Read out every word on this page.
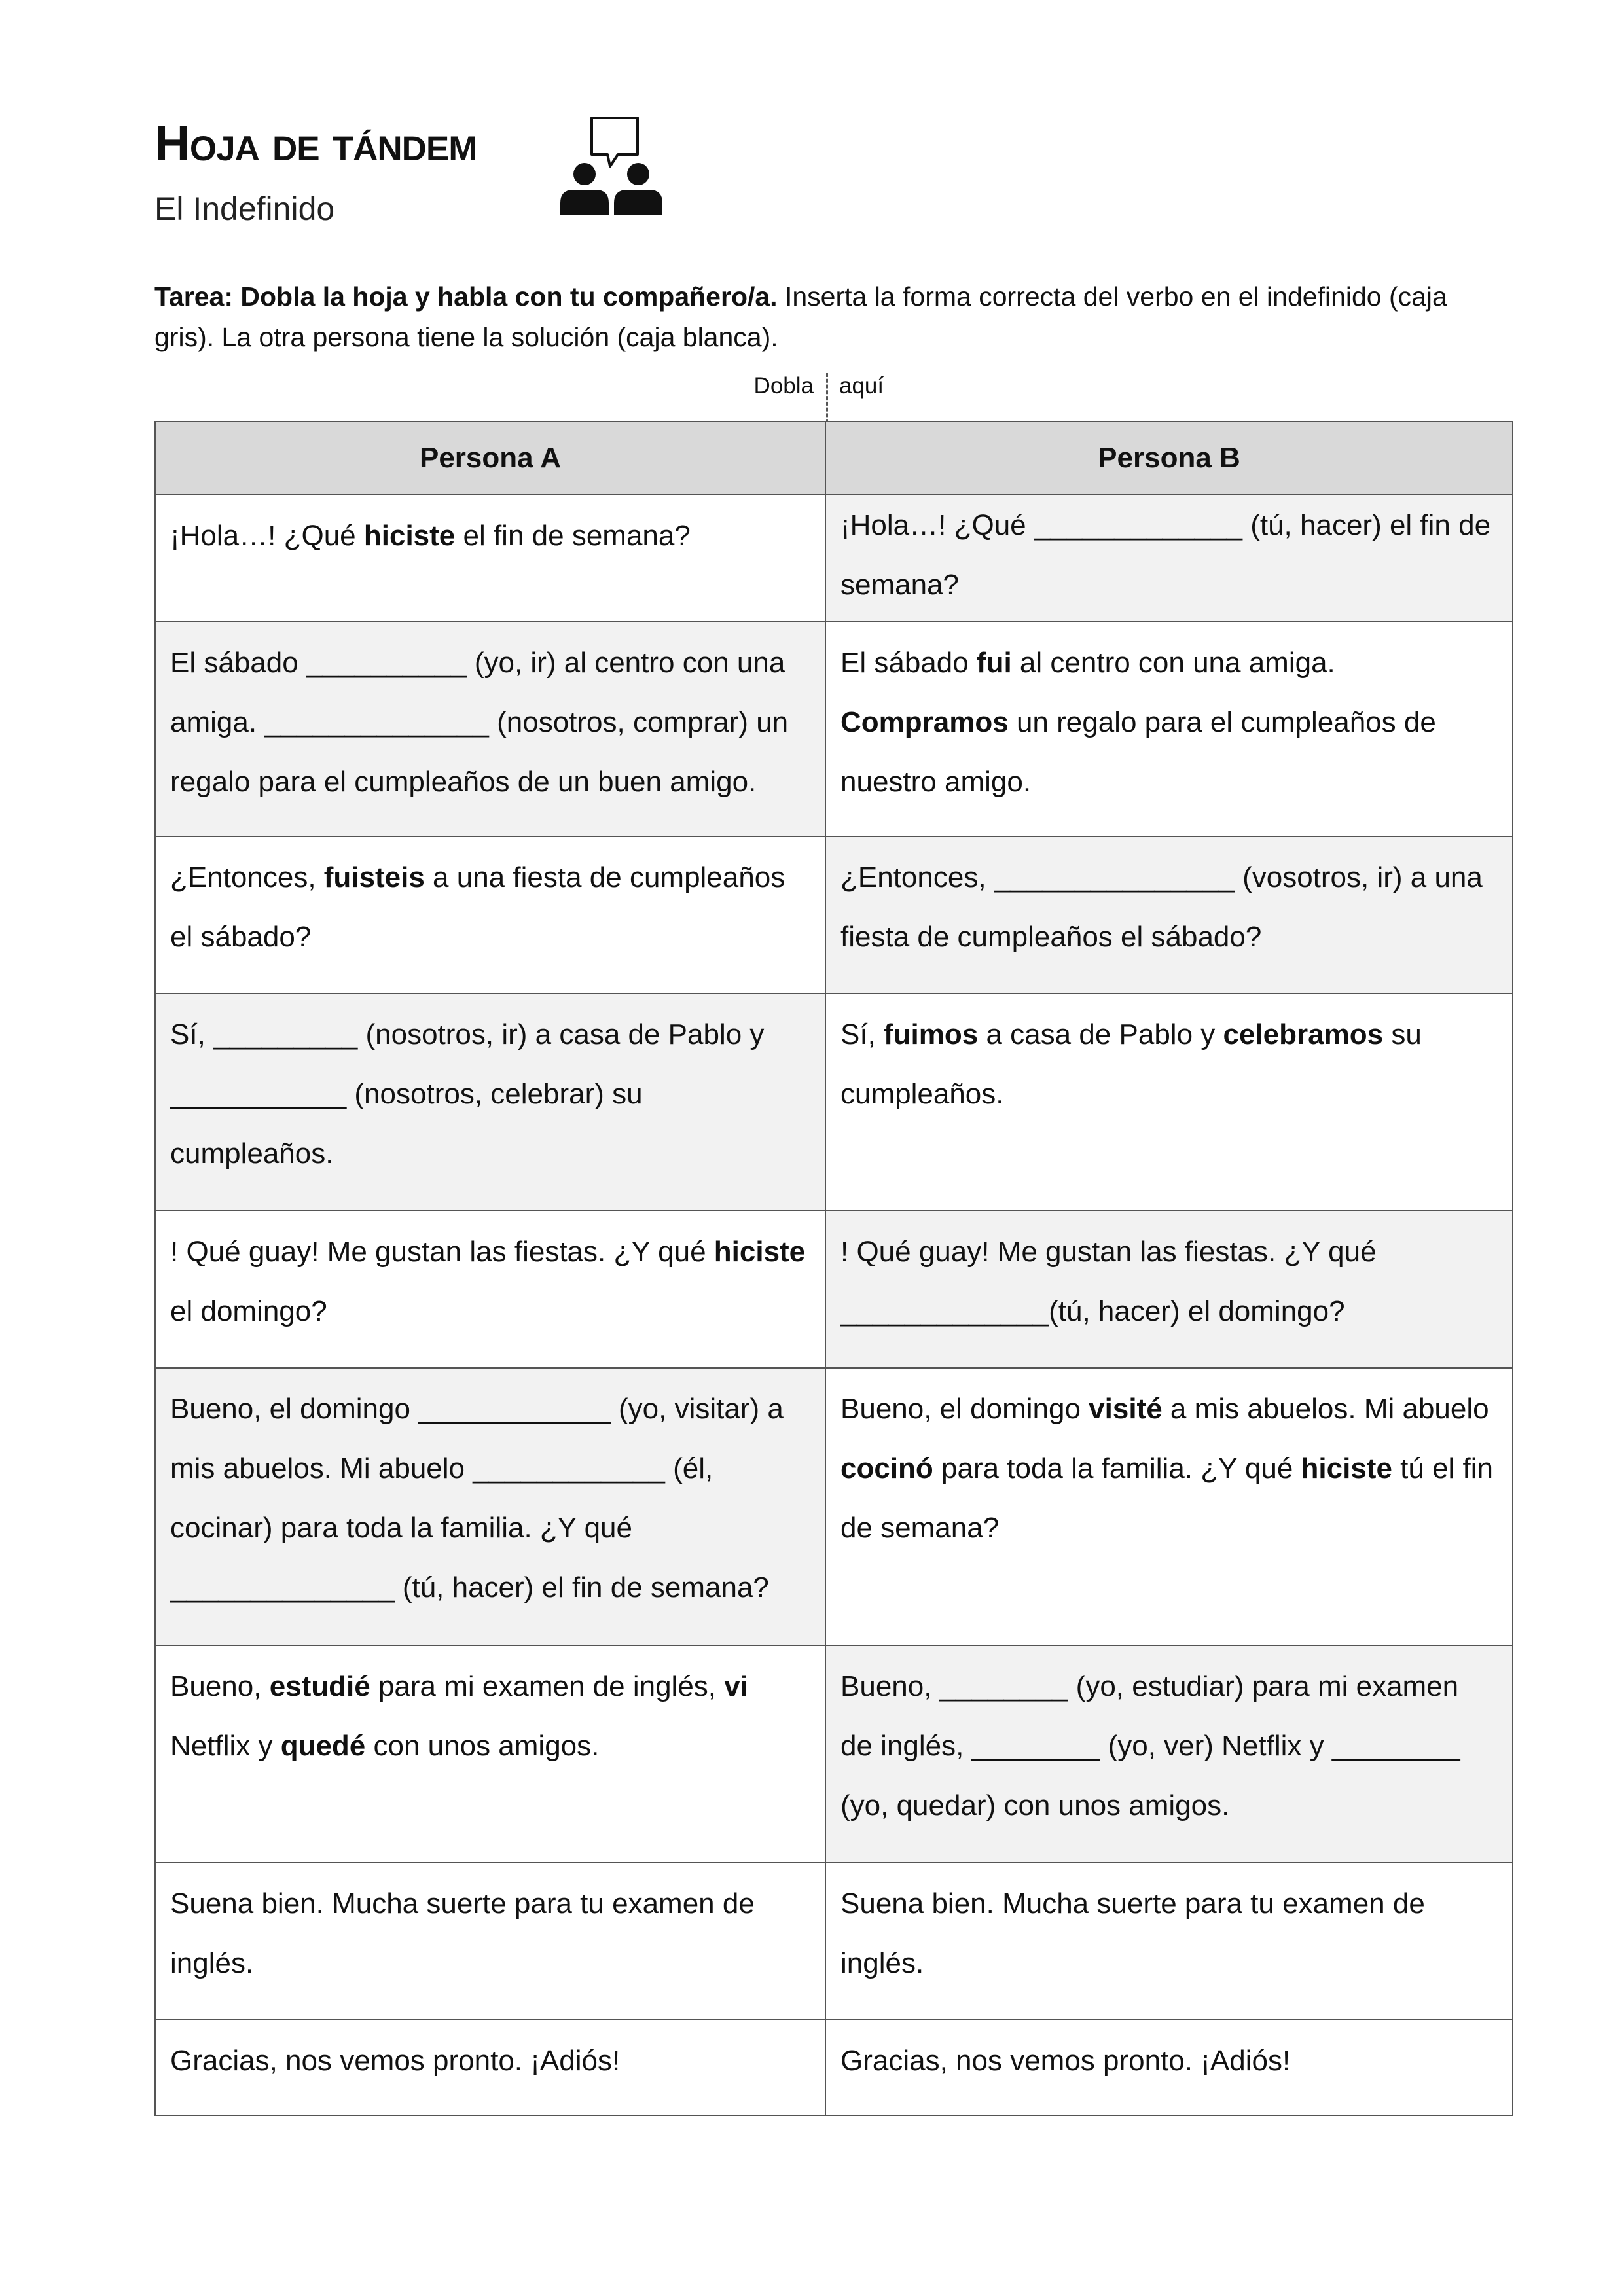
Hoja de tándem

El Indefinido

Tarea: Dobla la hoja y habla con tu compañero/a. Inserta la forma correcta del verbo en el indefinido (caja gris). La otra persona tiene la solución (caja blanca).

Dobla aquí
Persona A	Persona B

¡Hola…! ¿Qué hiciste el fin de semana?	¡Hola…! ¿Qué _____________ (tú, hacer) el fin de semana?

El sábado __________ (yo, ir) al centro con una amiga. ______________ (nosotros, comprar) un regalo para el cumpleaños de un buen amigo.	El sábado fui al centro con una amiga. Compramos un regalo para el cumpleaños de nuestro amigo.

¿Entonces, fuisteis a una fiesta de cumpleaños el sábado?	¿Entonces, _______________ (vosotros, ir) a una fiesta de cumpleaños el sábado?

Sí, _________ (nosotros, ir) a casa de Pablo y ___________ (nosotros, celebrar) su cumpleaños.	Sí, fuimos a casa de Pablo y celebramos su cumpleaños.

! Qué guay! Me gustan las fiestas. ¿Y qué hiciste el domingo?	! Qué guay! Me gustan las fiestas. ¿Y qué _____________(tú, hacer) el domingo?

Bueno, el domingo ____________ (yo, visitar) a mis abuelos. Mi abuelo ____________ (él, cocinar) para toda la familia. ¿Y qué ______________ (tú, hacer) el fin de semana?	Bueno, el domingo visité a mis abuelos. Mi abuelo cocinó para toda la familia. ¿Y qué hiciste tú el fin de semana?

Bueno, estudié para mi examen de inglés, vi Netflix y quedé con unos amigos.	Bueno, ________ (yo, estudiar) para mi examen de inglés, ________ (yo, ver) Netflix y ________ (yo, quedar) con unos amigos.

Suena bien. Mucha suerte para tu examen de inglés.	Suena bien. Mucha suerte para tu examen de inglés.

Gracias, nos vemos pronto. ¡Adiós!	Gracias, nos vemos pronto. ¡Adiós!
